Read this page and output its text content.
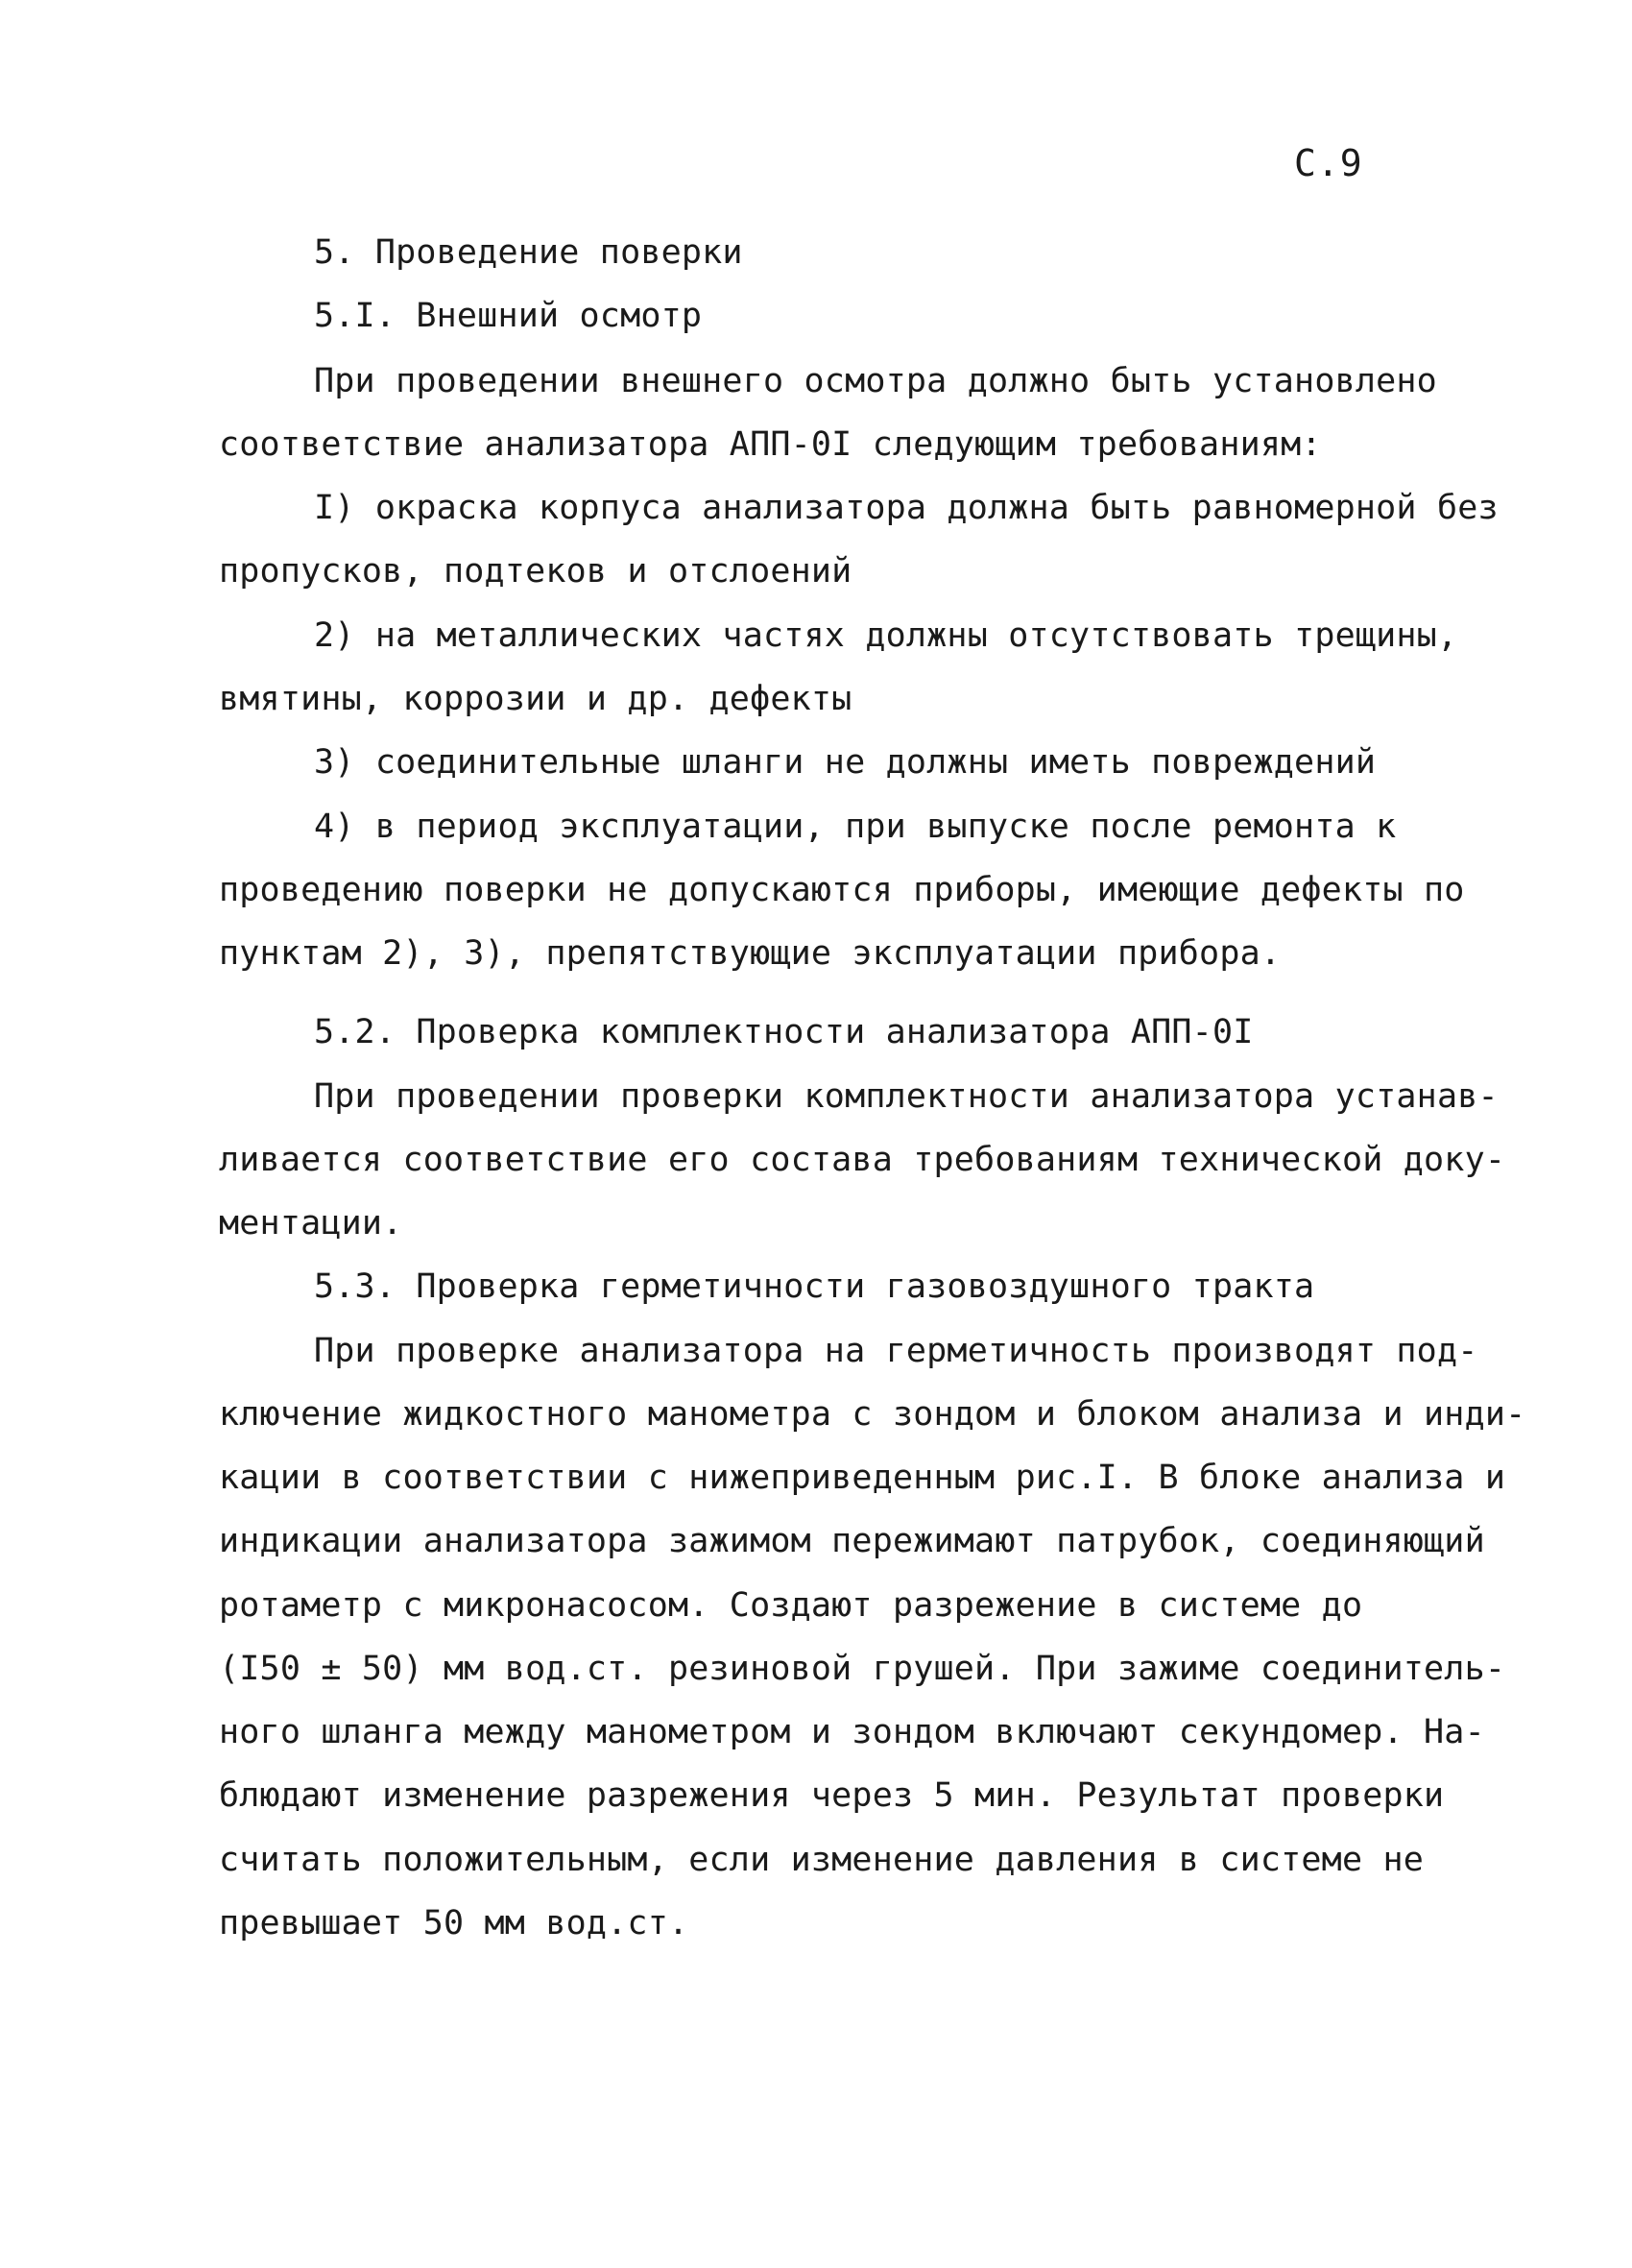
С.9
5. Проведение поверки
5.I. Внешний осмотр
При проведении внешнего осмотра должно быть установлено
соответствие анализатора АПП-0I следующим требованиям:
I) окраска корпуса анализатора должна быть равномерной без
пропусков, подтеков и отслоений
2) на металлических частях должны отсутствовать трещины,
вмятины, коррозии и др. дефекты
3) соединительные шланги не должны иметь повреждений
4) в период эксплуатации, при выпуске после ремонта к
проведению поверки не допускаются приборы, имеющие дефекты по
пунктам 2), 3), препятствующие эксплуатации прибора.
5.2. Проверка комплектности анализатора АПП-0I
При проведении проверки комплектности анализатора устанав-
ливается соответствие его состава требованиям технической доку-
ментации.
5.3. Проверка герметичности газовоздушного тракта
При проверке анализатора на герметичность производят под-
ключение жидкостного манометра с зондом и блоком анализа и инди-
кации в соответствии с нижеприведенным рис.I. В блоке анализа и
индикации анализатора зажимом пережимают патрубок, соединяющий
ротаметр с микронасосом. Создают разрежение в системе до
(I50 ± 50) мм вод.ст. резиновой грушей. При зажиме соединитель-
ного шланга между манометром и зондом включают секундомер. На-
блюдают изменение разрежения через 5 мин. Результат проверки
считать положительным, если изменение давления в системе не
превышает 50 мм вод.ст.
